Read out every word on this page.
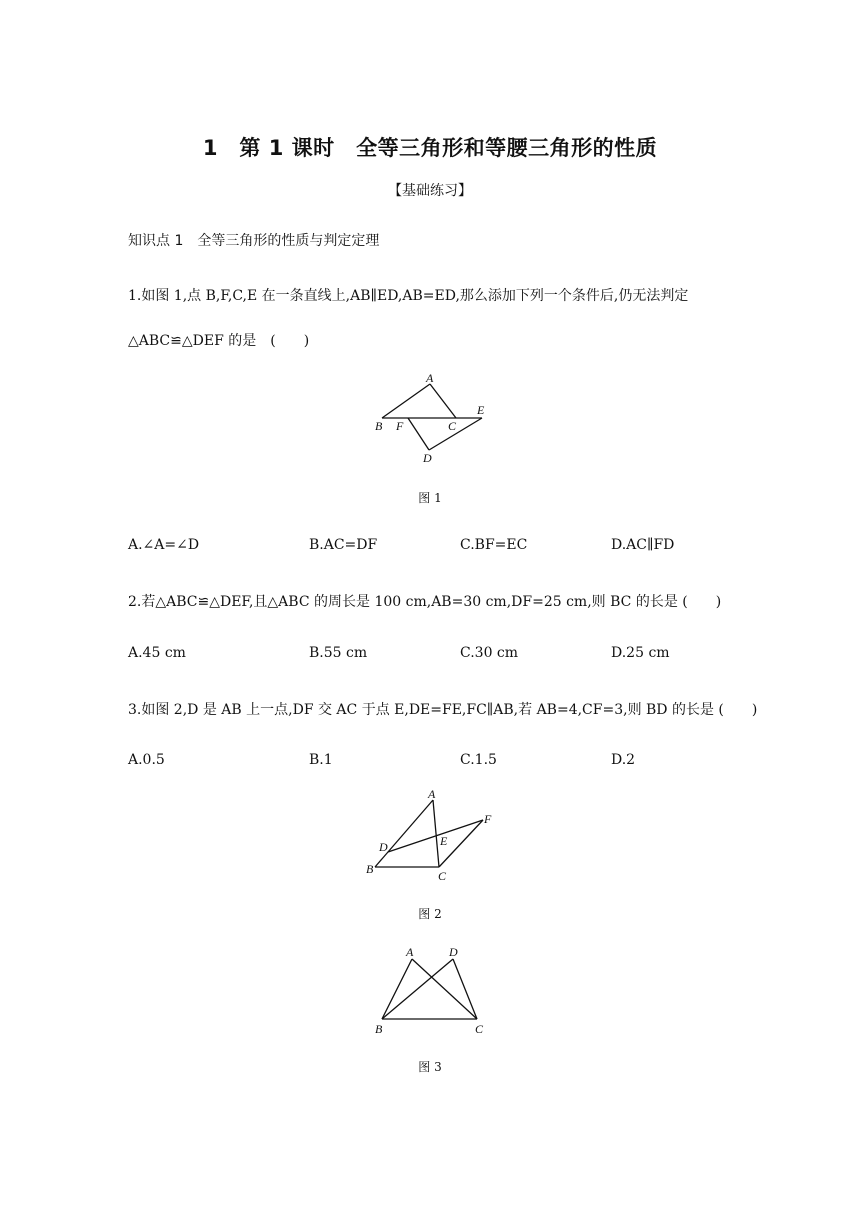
1　第 1 课时　全等三角形和等腰三角形的性质
【基础练习】
知识点 1　全等三角形的性质与判定定理
1.如图 1,点 B,F,C,E 在一条直线上,AB∥ED,AB=ED,那么添加下列一个条件后,仍无法判定
△ABC≌△DEF 的是　(　　)
A
B F	C
E
D
图 1
A.∠A=∠D	B.AC=DF	C.BF=EC	D.AC∥FD
2.若△ABC≌△DEF,且△ABC 的周长是 100 cm,AB=30 cm,DF=25 cm,则 BC 的长是 (　　)
A.45 cm	B.55 cm	C.30 cm	D.25 cm
3.如图 2,D 是 AB 上一点,DF 交 AC 于点 E,DE=FE,FC∥AB,若 AB=4,CF=3,则 BD 的长是 (　　)
A.0.5	B.1	C.1.5	D.2
A
D
B	C
E
F
图 2
A	D
B	C
图 3
